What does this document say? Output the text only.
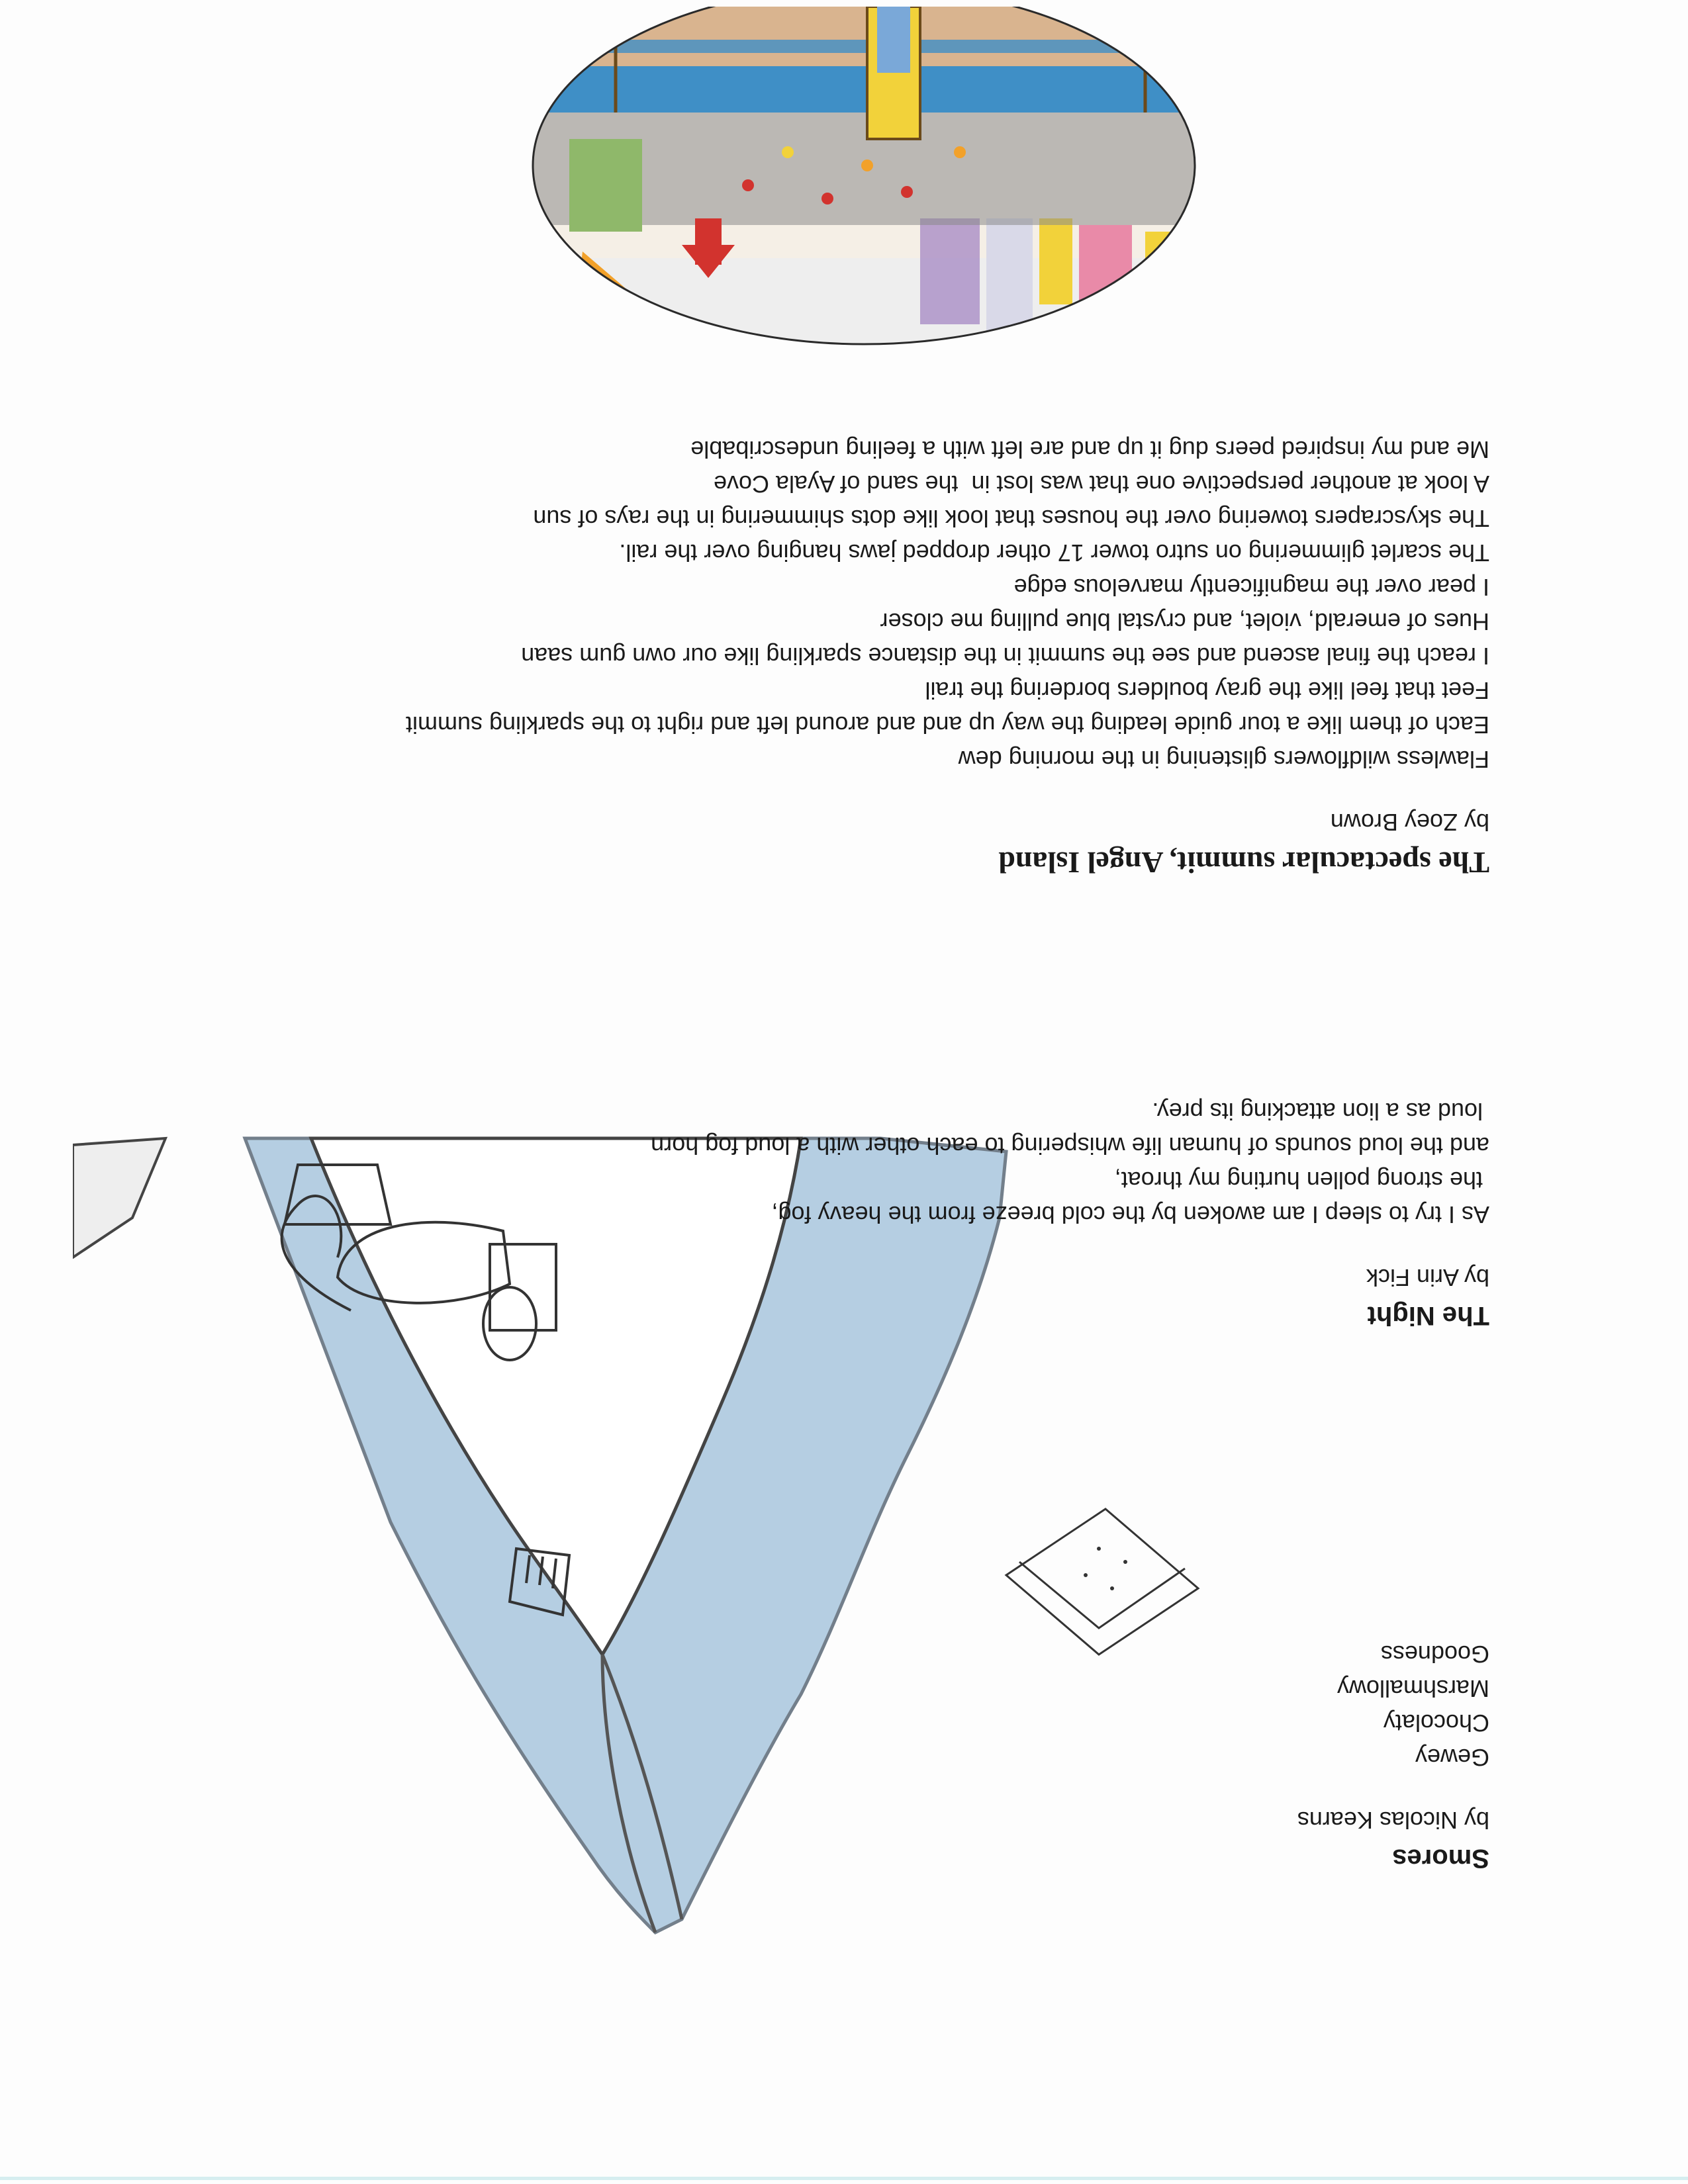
Smores
by Nicolas Kearns
Gewey
Chocolaty
Marshmallowy
Goodness
The Night
by Arin Fick
As I try to sleep I am awoken by the cold breeze from the heavy fog,
the strong pollen hurting my throat,
and the loud sounds of human life whispering to each other with a loud fog horn
loud as a lion attacking its prey.
The spectacular summit, Angel Island
by Zoey Brown
Flawless wildflowers glistening in the morning dew
Each of them like a tour guide leading the way up and and around left and right to the sparkling summit
Feet that feel like the gray boulders bordering the trail
I reach the final ascend and see the summit in the distance sparkling like our own gum saan
Hues of emerald, violet, and crystal blue pulling me closer
I pear over the magnificently marvelous edge
The scarlet glimmering on sutro tower 17 other dropped jaws hanging over the rail.
The skyscrapers towering over the houses that look like dots shimmering in the rays of sun
A look at another perspective one that was lost in  the sand of Ayala Cove
Me and my inspired peers dug it up and are left with a feeling undescribable
